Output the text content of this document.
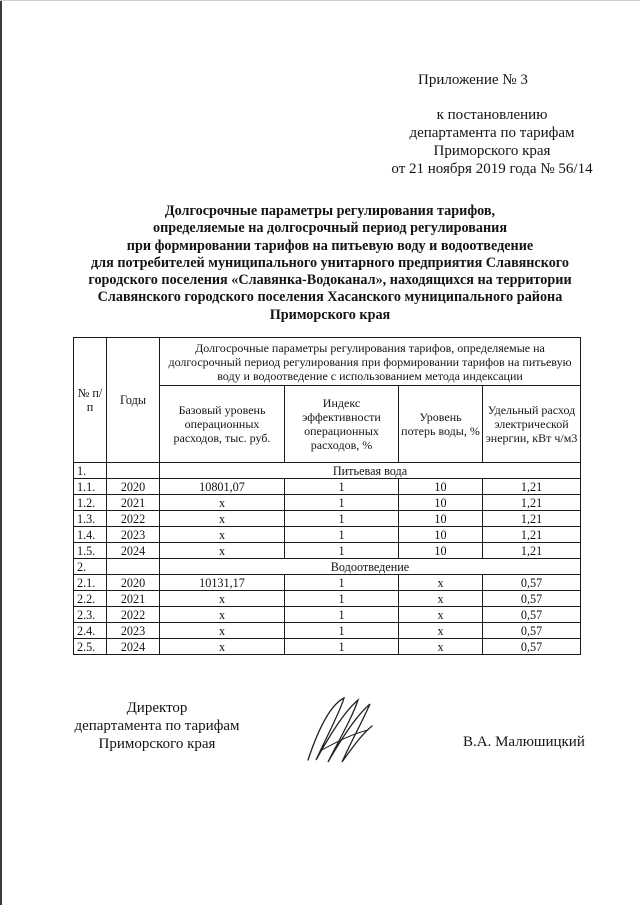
Приложение № 3
к постановлению
департамента по тарифам
Приморского края
от 21 ноября 2019 года № 56/14
Долгосрочные параметры регулирования тарифов,
определяемые на долгосрочный период регулирования
при формировании тарифов на питьевую воду и водоотведение
для потребителей муниципального унитарного предприятия Славянского
городского поселения «Славянка-Водоканал», находящихся на территории
Славянского городского поселения Хасанского муниципального района
Приморского края
№ п/п	Годы	Долгосрочные параметры регулирования тарифов, определяемые на долгосрочный период регулирования при формировании тарифов на питьевую воду и водоотведение с использованием метода индексации			
		Базовый уровень операционных расходов, тыс. руб.	Индекс эффективности операционных расходов, %	Уровень потерь воды, %	Удельный расход электрической энергии, кВт ч/м3
1.		Питьевая вода			
1.1.	2020	10801,07	1	10	1,21
1.2.	2021	x	1	10	1,21
1.3.	2022	x	1	10	1,21
1.4.	2023	x	1	10	1,21
1.5.	2024	x	1	10	1,21
2.		Водоотведение			
2.1.	2020	10131,17	1	x	0,57
2.2.	2021	x	1	x	0,57
2.3.	2022	x	1	x	0,57
2.4.	2023	x	1	x	0,57
2.5.	2024	x	1	x	0,57
Директор
департамента по тарифам
Приморского края	В.А. Малюшицкий
